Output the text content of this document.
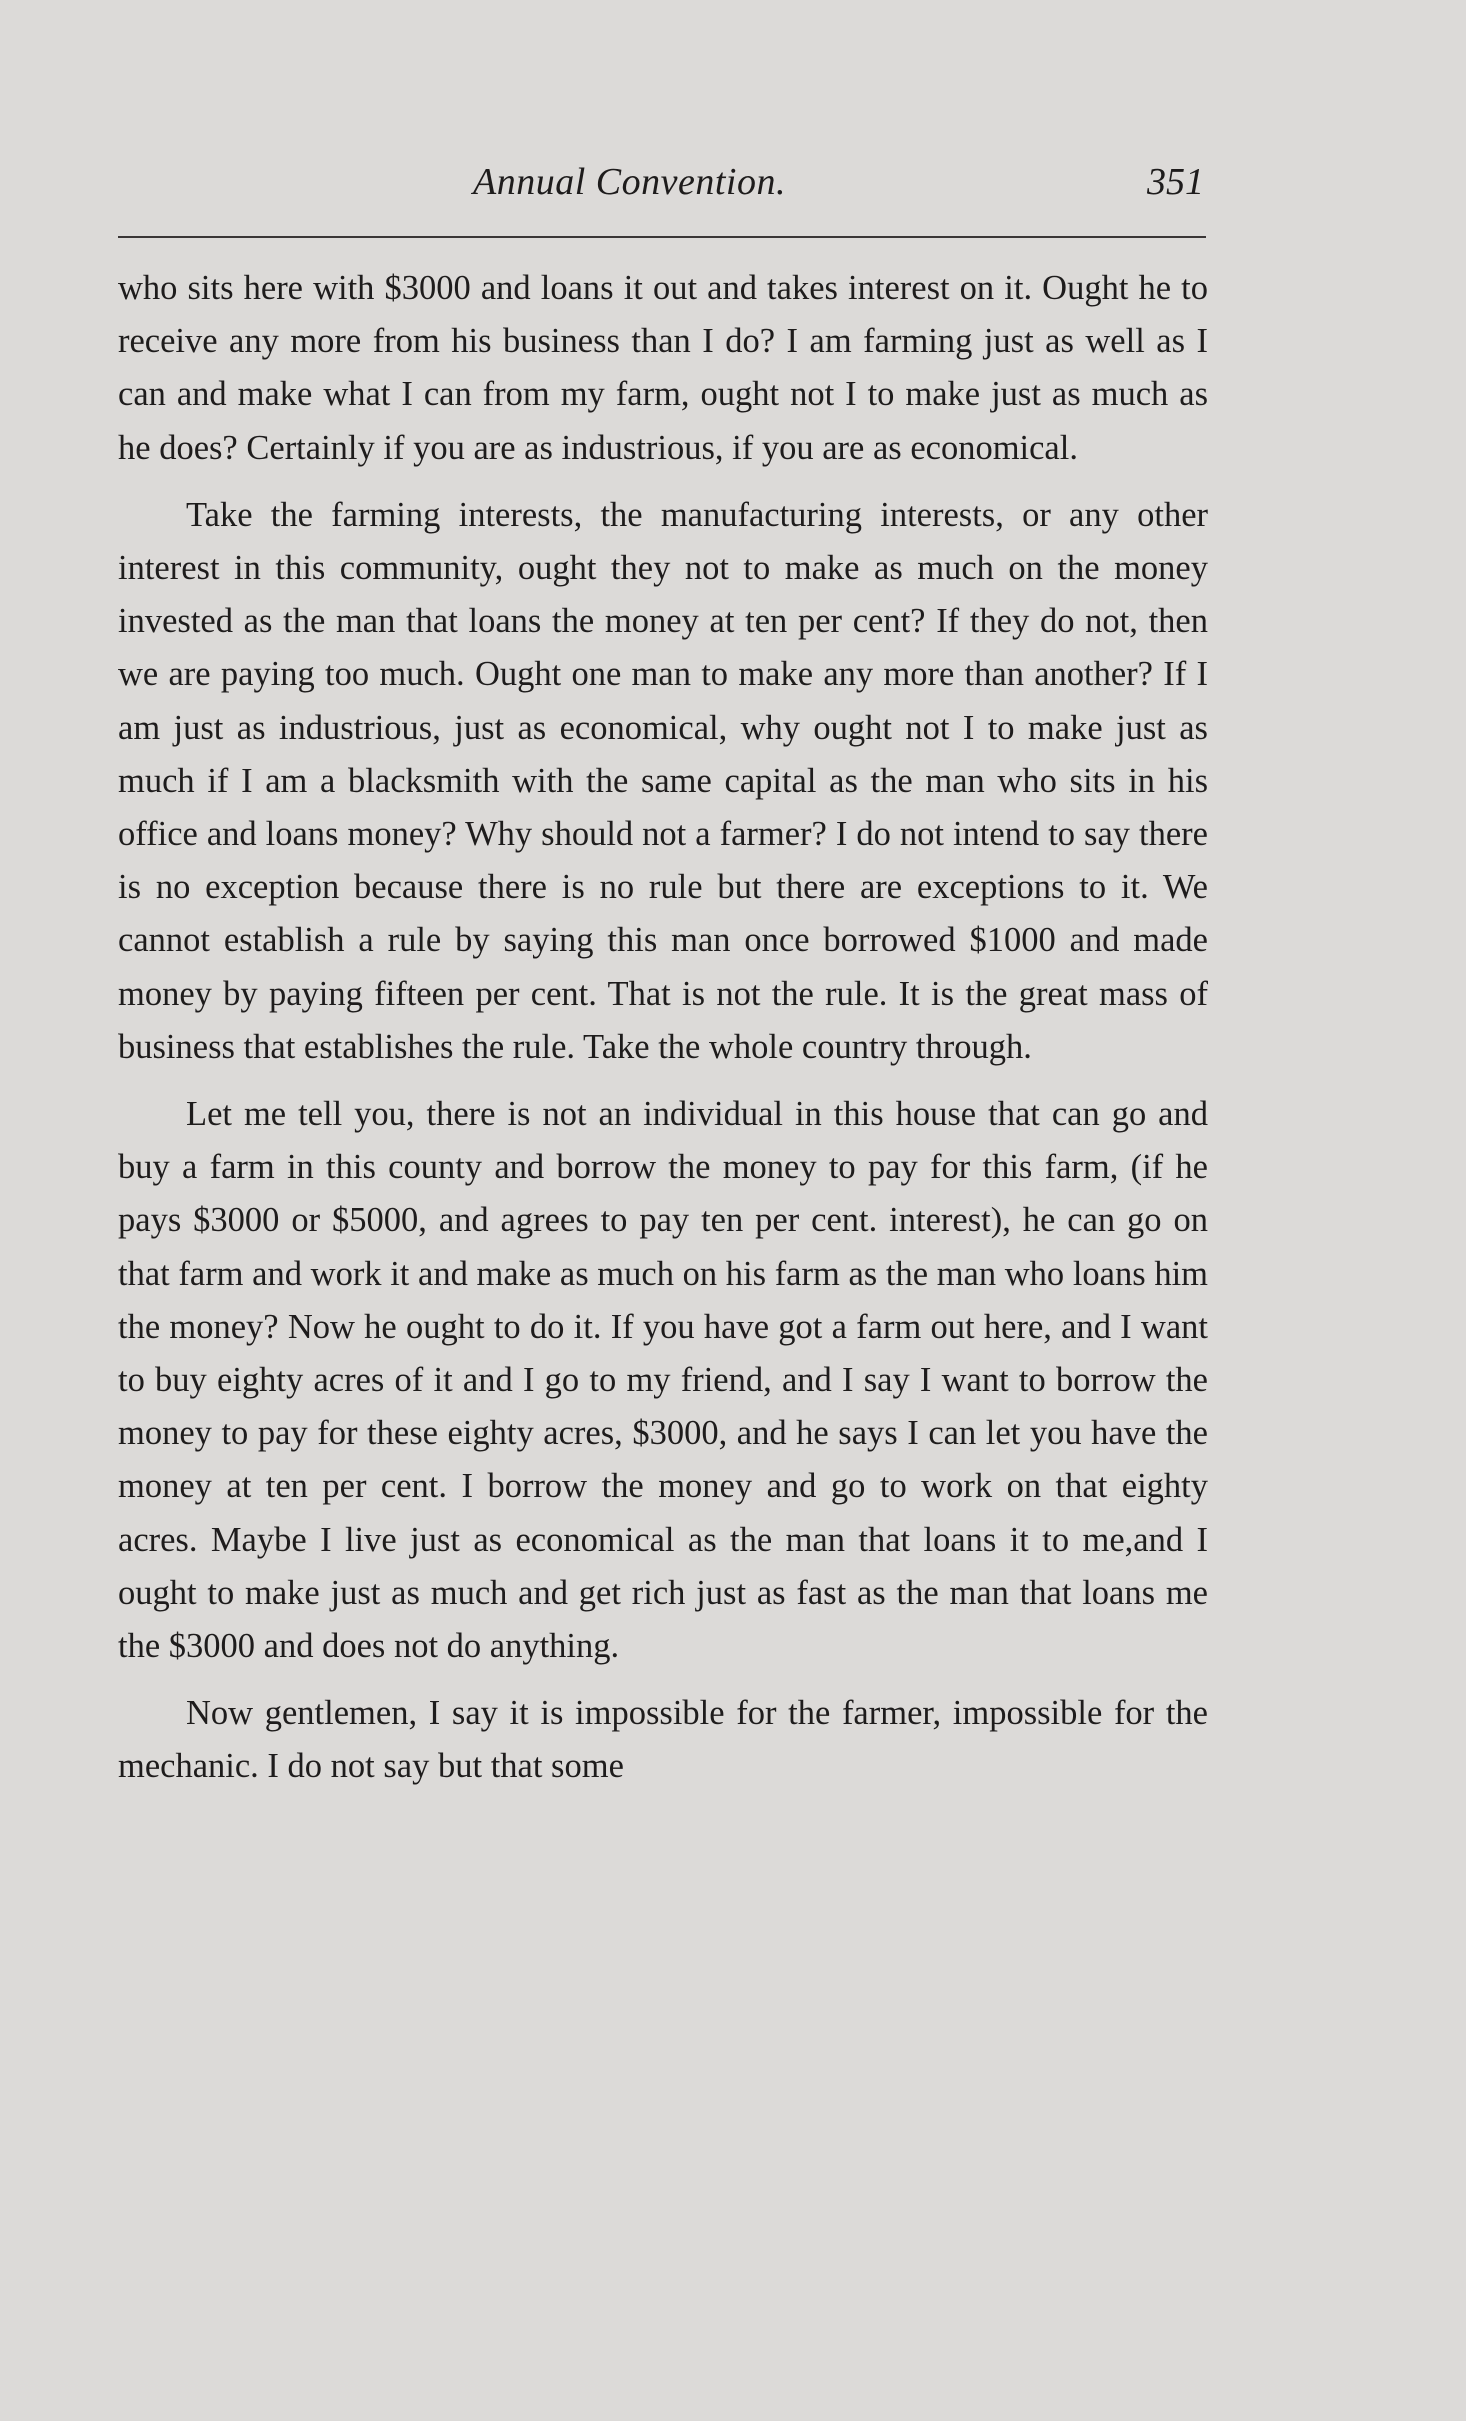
Annual Convention.	351

who sits here with $3000 and loans it out and takes interest on it. Ought he to receive any more from his business than I do? I am farming just as well as I can and make what I can from my farm, ought not I to make just as much as he does? Certainly if you are as industrious, if you are as economical.

Take the farming interests, the manufacturing interests, or any other interest in this community, ought they not to make as much on the money invested as the man that loans the money at ten per cent? If they do not, then we are paying too much. Ought one man to make any more than another? If I am just as industrious, just as economical, why ought not I to make just as much if I am a blacksmith with the same capital as the man who sits in his office and loans money? Why should not a farmer? I do not intend to say there is no exception because there is no rule but there are exceptions to it. We cannot establish a rule by saying this man once borrowed $1000 and made money by paying fifteen per cent. That is not the rule. It is the great mass of business that establishes the rule. Take the whole country through.

Let me tell you, there is not an individual in this house that can go and buy a farm in this county and borrow the money to pay for this farm, (if he pays $3000 or $5000, and agrees to pay ten per cent. interest), he can go on that farm and work it and make as much on his farm as the man who loans him the money? Now he ought to do it. If you have got a farm out here, and I want to buy eighty acres of it and I go to my friend, and I say I want to borrow the money to pay for these eighty acres, $3000, and he says I can let you have the money at ten per cent. I borrow the money and go to work on that eighty acres. Maybe I live just as economical as the man that loans it to me,and I ought to make just as much and get rich just as fast as the man that loans me the $3000 and does not do anything.

Now gentlemen, I say it is impossible for the farmer, impossible for the mechanic. I do not say but that some
